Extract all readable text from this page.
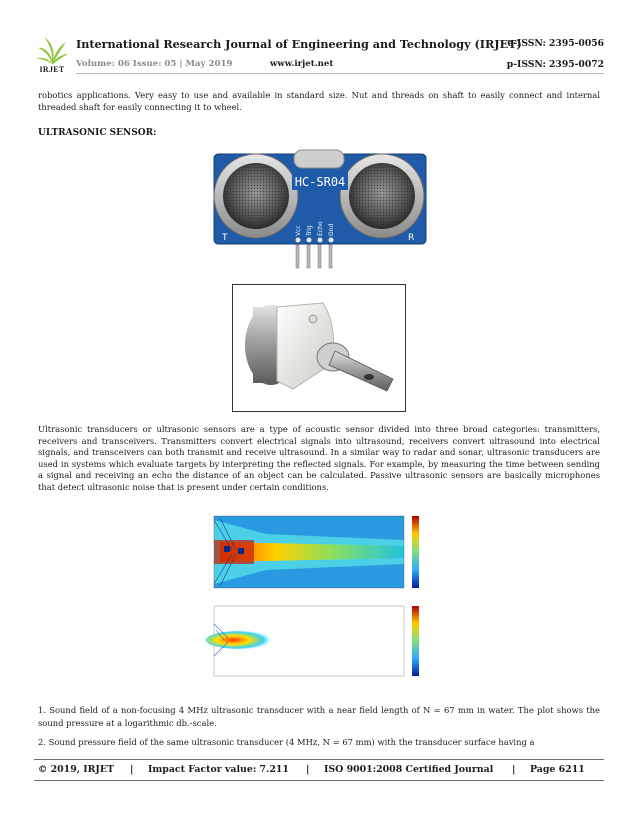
IRJET
International Research Journal of Engineering and Technology (IRJET)
e-ISSN: 2395-0056
Volume: 06 Issue: 05 | May 2019	www.irjet.net	p-ISSN: 2395-0072
robotics applications. Very easy to use and available in standard size. Nut and threads on shaft to easily connect and internal threaded shaft for easily connecting it to wheel.
ULTRASONIC SENSOR:
HC-SR04
Vcc Trig Echo Gnd
T	R
Ultrasonic transducers or ultrasonic sensors are a type of acoustic sensor divided into three broad categories: transmitters, receivers and transceivers. Transmitters convert electrical signals into ultrasound, receivers convert ultrasound into electrical signals, and transceivers can both transmit and receive ultrasound. In a similar way to radar and sonar, ultrasonic transducers are used in systems which evaluate targets by interpreting the reflected signals. For example, by measuring the time between sending a signal and receiving an echo the distance of an object can be calculated. Passive ultrasonic sensors are basically microphones that detect ultrasonic noise that is present under certain conditions.
1. Sound field of a non-focusing 4 MHz ultrasonic transducer with a near field length of N = 67 mm in water. The plot shows the sound pressure at a logarithmic db.-scale.
2. Sound pressure field of the same ultrasonic transducer (4 MHz, N = 67 mm) with the transducer surface having a
© 2019, IRJET | Impact Factor value: 7.211 | ISO 9001:2008 Certified Journal | Page 6211
